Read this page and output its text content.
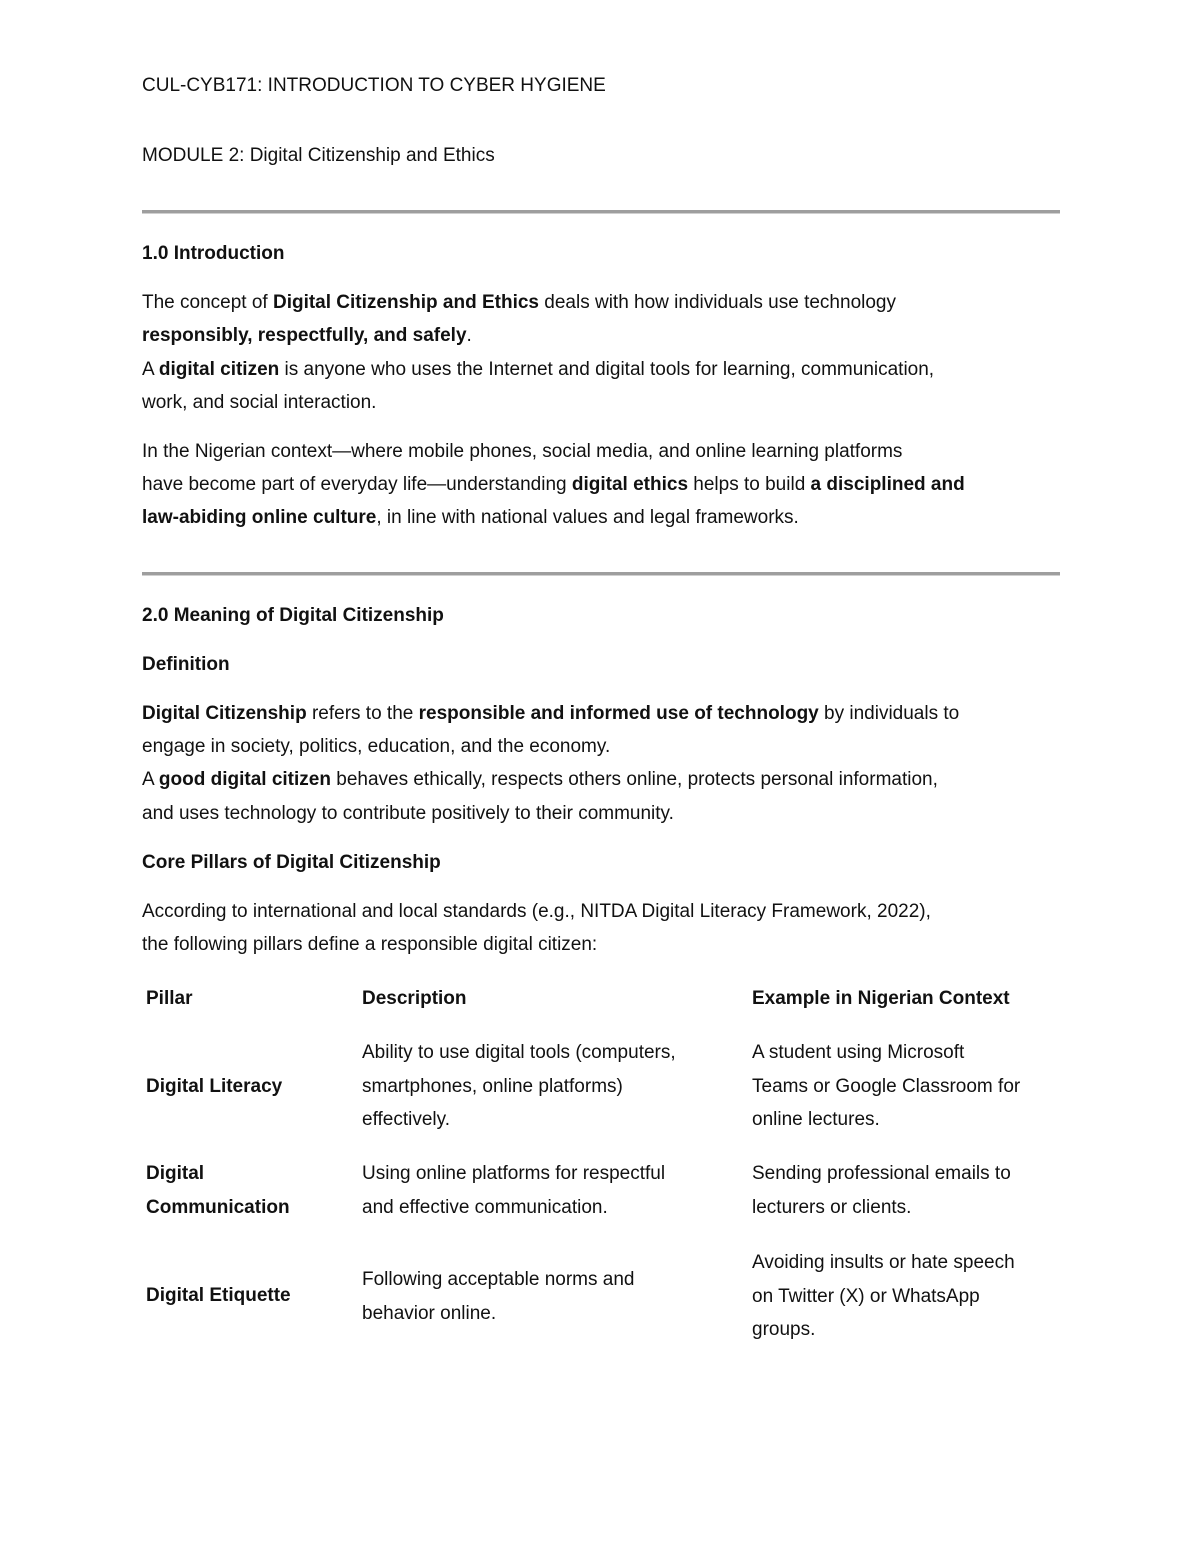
CUL-CYB171: INTRODUCTION TO CYBER HYGIENE
MODULE 2: Digital Citizenship and Ethics
1.0 Introduction
The concept of Digital Citizenship and Ethics deals with how individuals use technology
responsibly, respectfully, and safely.
A digital citizen is anyone who uses the Internet and digital tools for learning, communication,
work, and social interaction.
In the Nigerian context—where mobile phones, social media, and online learning platforms
have become part of everyday life—understanding digital ethics helps to build a disciplined and
law-abiding online culture, in line with national values and legal frameworks.
2.0 Meaning of Digital Citizenship
Definition
Digital Citizenship refers to the responsible and informed use of technology by individuals to
engage in society, politics, education, and the economy.
A good digital citizen behaves ethically, respects others online, protects personal information,
and uses technology to contribute positively to their community.
Core Pillars of Digital Citizenship
According to international and local standards (e.g., NITDA Digital Literacy Framework, 2022),
the following pillars define a responsible digital citizen:
Pillar	Description	Example in Nigerian Context
Digital Literacy
Ability to use digital tools (computers,
smartphones, online platforms)
effectively.
A student using Microsoft
Teams or Google Classroom for
online lectures.
Digital
Communication
Using online platforms for respectful
and effective communication.
Sending professional emails to
lecturers or clients.
Digital Etiquette
Following acceptable norms and
behavior online.
Avoiding insults or hate speech
on Twitter (X) or WhatsApp
groups.
